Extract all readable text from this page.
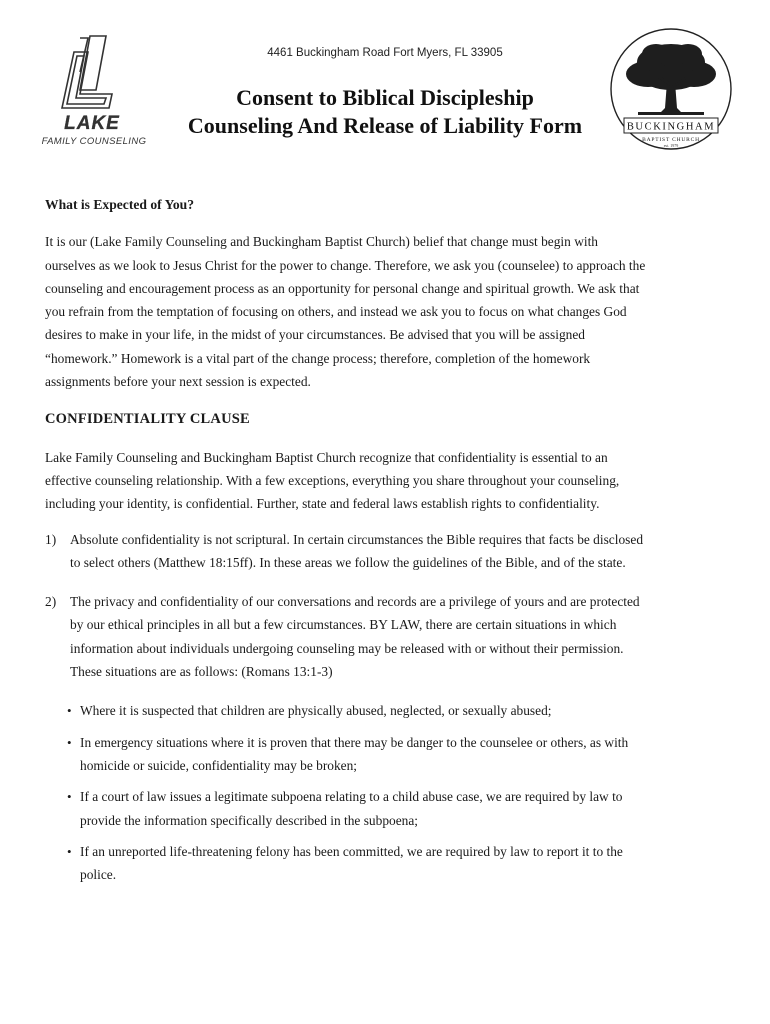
LAKE
FAMILY COUNSELING
4461 Buckingham Road Fort Myers, FL 33905
Consent to Biblical Discipleship
Counseling And Release of Liability Form	BUCKINGHAM
BAPTIST CHURCH
est. 1979

What is Expected of You?

It is our (Lake Family Counseling and Buckingham Baptist Church) belief that change must begin with
ourselves as we look to Jesus Christ for the power to change. Therefore, we ask you (counselee) to approach the
counseling and encouragement process as an opportunity for personal change and spiritual growth. We ask that
you refrain from the temptation of focusing on others, and instead we ask you to focus on what changes God
desires to make in your life, in the midst of your circumstances. Be advised that you will be assigned
“homework.” Homework is a vital part of the change process; therefore, completion of the homework
assignments before your next session is expected.

CONFIDENTIALITY CLAUSE

Lake Family Counseling and Buckingham Baptist Church recognize that confidentiality is essential to an
effective counseling relationship. With a few exceptions, everything you share throughout your counseling,
including your identity, is confidential. Further, state and federal laws establish rights to confidentiality.

1)	Absolute confidentiality is not scriptural. In certain circumstances the Bible requires that facts be disclosed
to select others (Matthew 18:15ff). In these areas we follow the guidelines of the Bible, and of the state.
2)	The privacy and confidentiality of our conversations and records are a privilege of yours and are protected
by our ethical principles in all but a few circumstances. BY LAW, there are certain situations in which
information about individuals undergoing counseling may be released with or without their permission.
These situations are as follows: (Romans 13:1-3)
• Where it is suspected that children are physically abused, neglected, or sexually abused;
• In emergency situations where it is proven that there may be danger to the counselee or others, as with
homicide or suicide, confidentiality may be broken;
• If a court of law issues a legitimate subpoena relating to a child abuse case, we are required by law to
provide the information specifically described in the subpoena;
• If an unreported life-threatening felony has been committed, we are required by law to report it to the
police.
